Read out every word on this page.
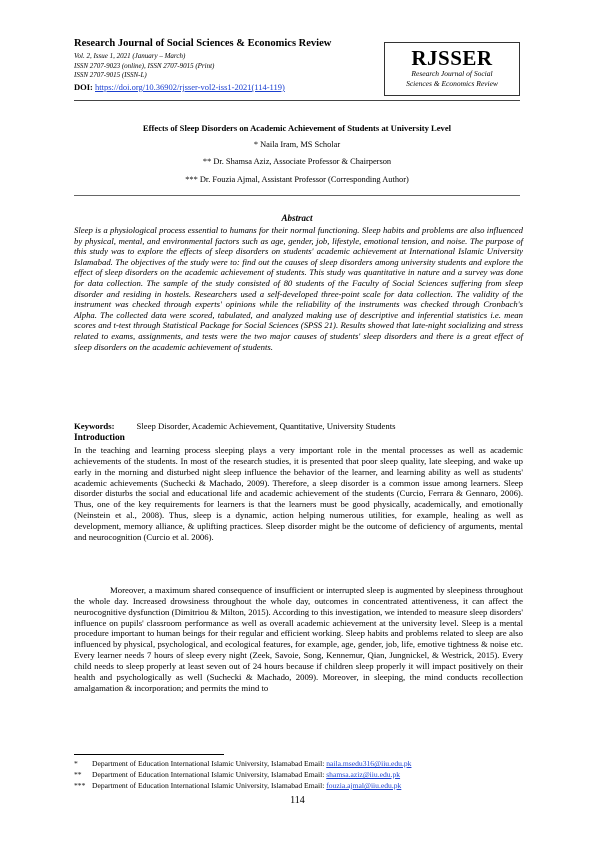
Research Journal of Social Sciences & Economics Review
Vol. 2, Issue 1, 2021 (January – March)
ISSN 2707-9023 (online), ISSN 2707-9015 (Print)
ISSN 2707-9015 (ISSN-L)
DOI: https://doi.org/10.36902/rjsser-vol2-iss1-2021(114-119)
RJSSER
Research Journal of Social
Sciences & Economics Review
Effects of Sleep Disorders on Academic Achievement of Students at University Level
* Naila Iram, MS Scholar
** Dr. Shamsa Aziz, Associate Professor & Chairperson
*** Dr. Fouzia Ajmal, Assistant Professor (Corresponding Author)
Abstract
Sleep is a physiological process essential to humans for their normal functioning. Sleep habits and problems are also influenced by physical, mental, and environmental factors such as age, gender, job, lifestyle, emotional tension, and noise. The purpose of this study was to explore the effects of sleep disorders on students' academic achievement at International Islamic University Islamabad. The objectives of the study were to: find out the causes of sleep disorders among university students and explore the effect of sleep disorders on the academic achievement of students. This study was quantitative in nature and a survey was done for data collection. The sample of the study consisted of 80 students of the Faculty of Social Sciences suffering from sleep disorder and residing in hostels. Researchers used a self-developed three-point scale for data collection. The validity of the instrument was checked through experts' opinions while the reliability of the instruments was checked through Cronbach's Alpha. The collected data were scored, tabulated, and analyzed making use of descriptive and inferential statistics i.e. mean scores and t-test through Statistical Package for Social Sciences (SPSS 21). Results showed that late-night socializing and stress related to exams, assignments, and tests were the two major causes of students' sleep disorders and there is a great effect of sleep disorders on the academic achievement of students.
Keywords:	Sleep Disorder, Academic Achievement, Quantitative, University Students
Introduction
In the teaching and learning process sleeping plays a very important role in the mental processes as well as academic achievements of the students. In most of the research studies, it is presented that poor sleep quality, late sleeping, and wake up early in the morning and disturbed night sleep influence the behavior of the learner, and learning ability as well as students' academic achievements (Suchecki & Machado, 2009). Therefore, a sleep disorder is a common issue among learners. Sleep disorder disturbs the social and educational life and academic achievement of the students (Curcio, Ferrara & Gennaro, 2006). Thus, one of the key requirements for learners is that the learners must be good physically, academically, and emotionally (Neinstein et al., 2008). Thus, sleep is a dynamic, action helping numerous utilities, for example, healing as well as development, memory alliance, & uplifting practices. Sleep disorder might be the outcome of deficiency of arguments, mental and neurocognition (Curcio et al. 2006).
Moreover, a maximum shared consequence of insufficient or interrupted sleep is augmented by sleepiness throughout the whole day. Increased drowsiness throughout the whole day, outcomes in concentrated attentiveness, it can affect the neurocognitive dysfunction (Dimitriou & Milton, 2015). According to this investigation, we intended to measure sleep disorders' influence on pupils' classroom performance as well as overall academic achievement at the university level. Sleep is a mental procedure important to human beings for their regular and efficient working. Sleep habits and problems related to sleep are also influenced by physical, psychological, and ecological features, for example, age, gender, job, life, emotive tightness & noise etc. Every learner needs 7 hours of sleep every night (Zeek, Savoie, Song, Kennemur, Qian, Jungnickel, & Westrick, 2015). Every child needs to sleep properly at least seven out of 24 hours because if children sleep properly it will impact positively on their health and psychologically as well (Suchecki & Machado, 2009). Moreover, in sleeping, the mind conducts recollection amalgamation & incorporation; and permits the mind to
* Department of Education International Islamic University, Islamabad Email: naila.msedu316@iiu.edu.pk
** Department of Education International Islamic University, Islamabad Email: shamsa.aziz@iiu.edu.pk
*** Department of Education International Islamic University, Islamabad Email: fouzia.ajmal@iiu.edu.pk
114
